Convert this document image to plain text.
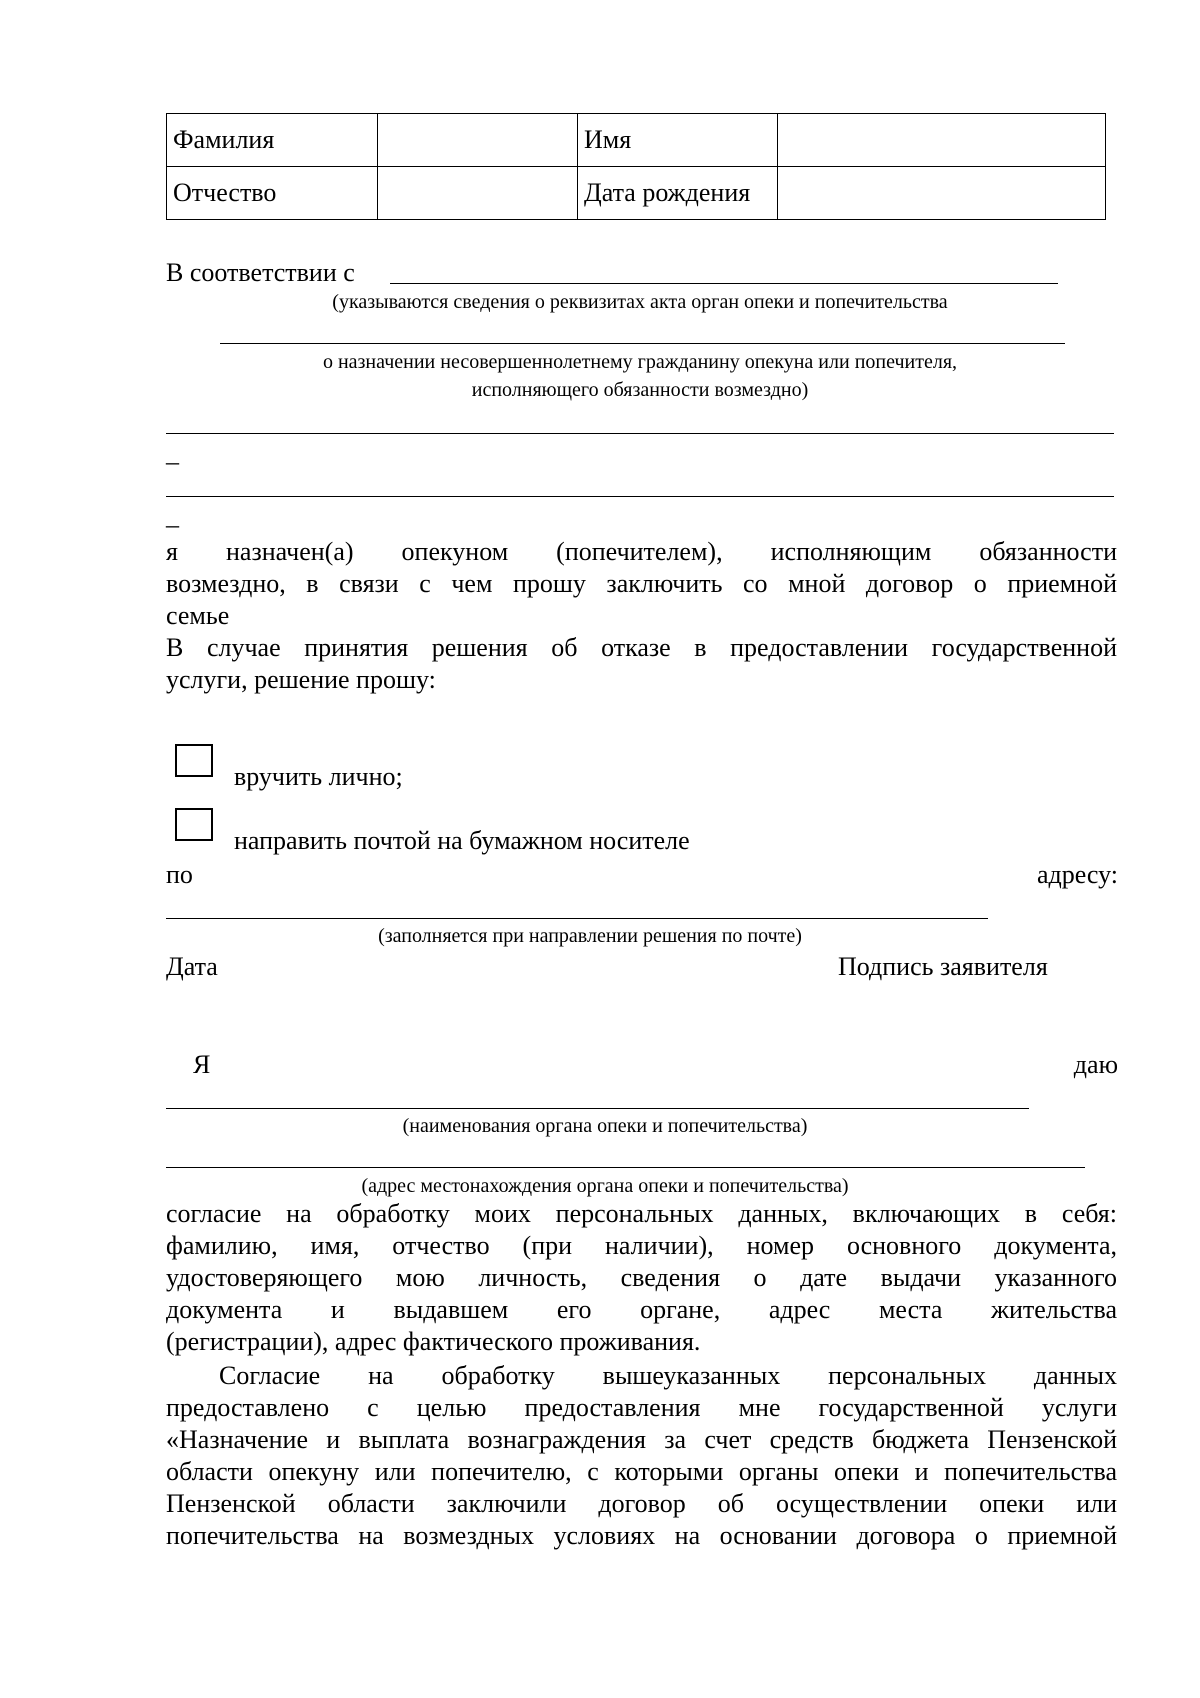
Фамилия		Имя	
Отчество		Дата рождения	
В соответствии с
(указываются сведения о реквизитах акта орган опеки и попечительства
о назначении несовершеннолетнему гражданину опекуна или попечителя,
исполняющего обязанности возмездно)
_
_
я назначен(а) опекуном (попечителем), исполняющим обязанности
возмездно, в связи с чем прошу заключить со мной договор о приемной
семье
В случае принятия решения об отказе в предоставлении государственной
услуги, решение прошу:
вручить лично;
направить почтой на бумажном носителе
по	адресу:
(заполняется при направлении решения по почте)
Дата	Подпись заявителя
Я	даю
(наименования органа опеки и попечительства)
(адрес местонахождения органа опеки и попечительства)
согласие на обработку моих персональных данных, включающих в себя:
фамилию, имя, отчество (при наличии), номер основного документа,
удостоверяющего мою личность, сведения о дате выдачи указанного
документа и выдавшем его органе, адрес места жительства
(регистрации), адрес фактического проживания.
Согласие на обработку вышеуказанных персональных данных
предоставлено с целью предоставления мне государственной услуги
«Назначение и выплата вознаграждения за счет средств бюджета Пензенской
области опекуну или попечителю, с которыми органы опеки и попечительства
Пензенской области заключили договор об осуществлении опеки или
попечительства на возмездных условиях на основании договора о приемной
